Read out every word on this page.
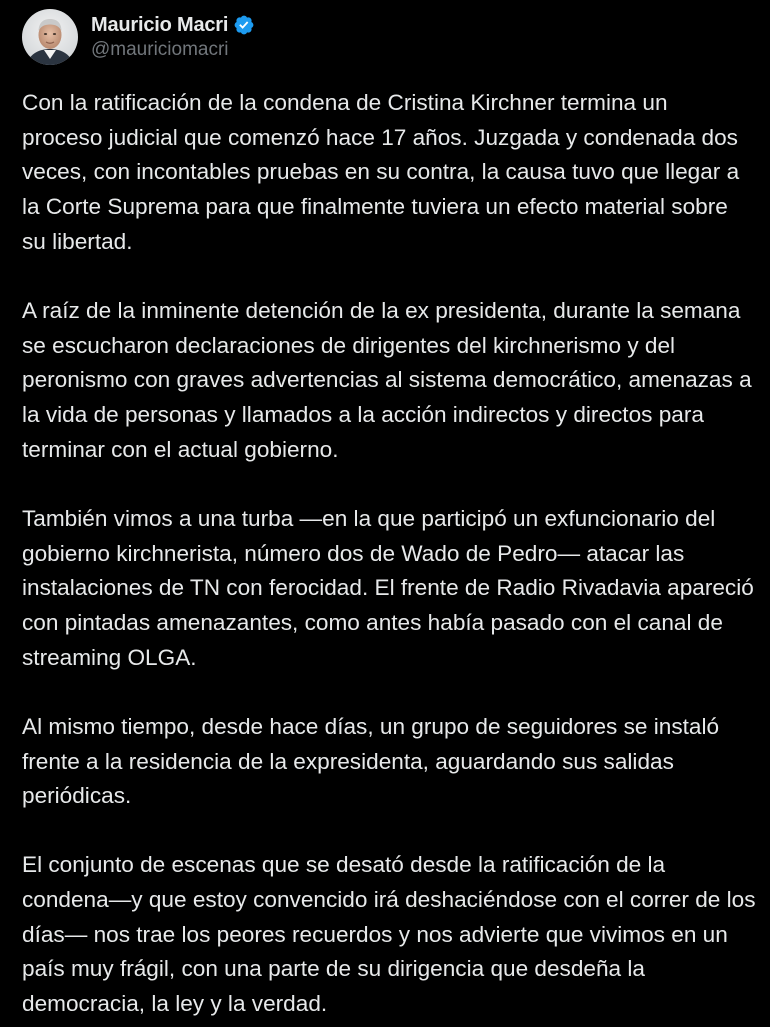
Mauricio Macri
@mauriciomacri
Con la ratificación de la condena de Cristina Kirchner termina un
proceso judicial que comenzó hace 17 años. Juzgada y condenada dos
veces, con incontables pruebas en su contra, la causa tuvo que llegar a
la Corte Suprema para que finalmente tuviera un efecto material sobre
su libertad.
A raíz de la inminente detención de la ex presidenta, durante la semana
se escucharon declaraciones de dirigentes del kirchnerismo y del
peronismo con graves advertencias al sistema democrático, amenazas a
la vida de personas y llamados a la acción indirectos y directos para
terminar con el actual gobierno.
También vimos a una turba —en la que participó un exfuncionario del
gobierno kirchnerista, número dos de Wado de Pedro— atacar las
instalaciones de TN con ferocidad. El frente de Radio Rivadavia apareció
con pintadas amenazantes, como antes había pasado con el canal de
streaming OLGA.
Al mismo tiempo, desde hace días, un grupo de seguidores se instaló
frente a la residencia de la expresidenta, aguardando sus salidas
periódicas.
El conjunto de escenas que se desató desde la ratificación de la
condena—y que estoy convencido irá deshaciéndose con el correr de los
días— nos trae los peores recuerdos y nos advierte que vivimos en un
país muy frágil, con una parte de su dirigencia que desdeña la
democracia, la ley y la verdad.
